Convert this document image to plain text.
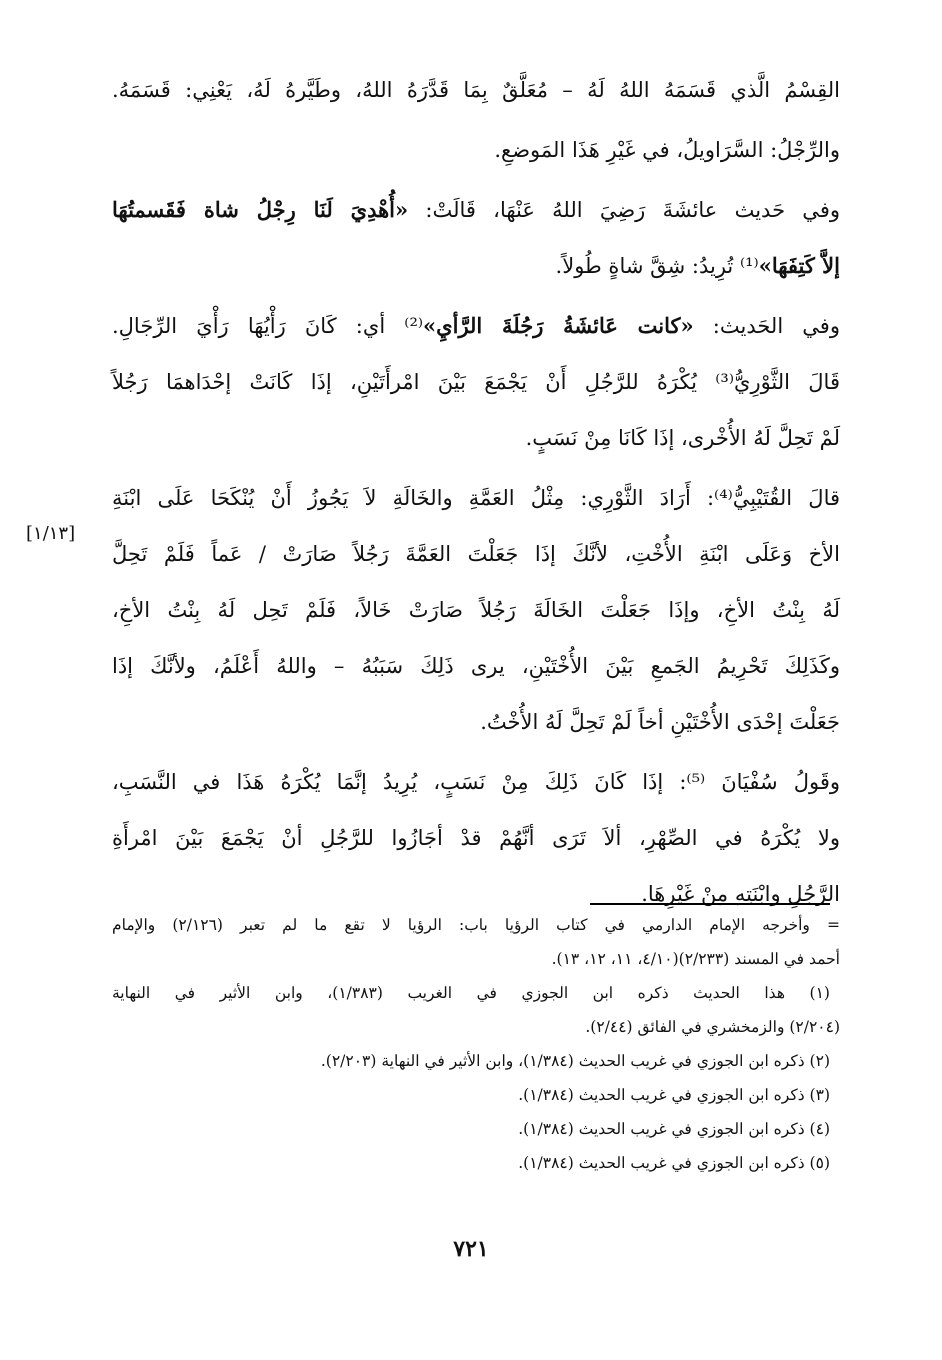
القِسْمُ الَّذي قَسَمَهُ اللهُ لَهُ – مُعَلَّقٌ بِمَا قَدَّرَهُ اللهُ، وطَيَّرهُ لَهُ، يَعْنِي: قَسَمَهُ.
والرِّجْلُ: السَّرَاويلُ، في غَيْرِ هَذَا المَوضعِ.
وفي حَديث عائشَةَ رَضِيَ اللهُ عَنْهَا، قَالَتْ: «أُهْدِيَ لَنَا رِجْلُ شاة فَقَسمتُهَا
إلاَّ كَتِفَهَا»⁽¹⁾ تُرِيدُ: شِقَّ شاةٍ طُولاً.
وفي الحَديث: «كانت عَائشَةُ رَجُلَةَ الرَّأيِ»⁽²⁾ أي: كَانَ رَأْيُهَا رَأْيَ الرِّجَالِ.
قَالَ الثَّوْرِيُّ⁽³⁾ يُكْرَهُ للرَّجُلِ أَنْ يَجْمَعَ بَيْنَ امْرأَتَيْنِ، إذَا كَانَتْ إحْدَاهمَا رَجُلاً
لَمْ تَحِلَّ لَهُ الأُخْرى، إذَا كَانَا مِنْ نَسَبٍ.
قالَ القُتَيْبِيُّ⁽⁴⁾: أَرَادَ الثَّوْرِي: مِثْلُ العَمَّةِ والخَالَةِ لاَ يَجُوزُ أَنْ يُنْكَحَا عَلَى ابْنَةِ
الأخ وَعَلَى ابْنَةِ الأُخْتِ، لأنَّكَ إذَا جَعَلْتَ العَمَّةَ رَجُلاً صَارَتْ / عَماً فَلَمْ تَحِلَّ
لَهُ بِنْتُ الأخِ، وإذَا جَعَلْتَ الخَالَةَ رَجُلاً صَارَتْ خَالاً، فَلَمْ تَحِل لَهُ بِنْتُ الأخِ،
وكَذَلِكَ تَحْرِيمُ الجَمعِ بَيْنَ الأُخْتَيْنِ، يرى ذَلِكَ سَبَبُهُ – واللهُ أَعْلَمُ، ولأنَّكَ إذَا
جَعَلْتَ إحْدَى الأُخْتَيْنِ أخاً لَمْ تَحِلَّ لَهُ الأُخْتُ.
وقَولُ سُفْيَانَ ⁽⁵⁾: إذَا كَانَ ذَلِكَ مِنْ نَسَبٍ، يُرِيدُ إنَّمَا يُكْرَهُ هَذَا في النَّسَبِ،
ولا يُكْرَهُ في الصِّهْرِ، ألاَ تَرَى أنَّهُمْ قدْ أجَازُوا للرَّجُلِ أنْ يَجْمَعَ بَيْنَ امْرأَةِ
الرَّجُلِ وابْنَتِهِ مِنْ غَيْرِهَا.
[١/١٣]
= وأخرجه الإمام الدارمي في كتاب الرؤيا باب: الرؤيا لا تقع ما لم تعبر (٢/١٢٦) والإمام
أحمد في المسند (٢/٢٣٣)(٤/١٠، ١١، ١٢، ١٣).
(١) هذا الحديث ذكره ابن الجوزي في الغريب (١/٣٨٣)، وابن الأثير في النهاية
(٢/٢٠٤) والزمخشري في الفائق (٢/٤٤).
(٢) ذكره ابن الجوزي في غريب الحديث (١/٣٨٤)، وابن الأثير في النهاية (٢/٢٠٣).
(٣) ذكره ابن الجوزي في غريب الحديث (١/٣٨٤).
(٤) ذكره ابن الجوزي في غريب الحديث (١/٣٨٤).
(٥) ذكره ابن الجوزي في غريب الحديث (١/٣٨٤).
٧٢١
